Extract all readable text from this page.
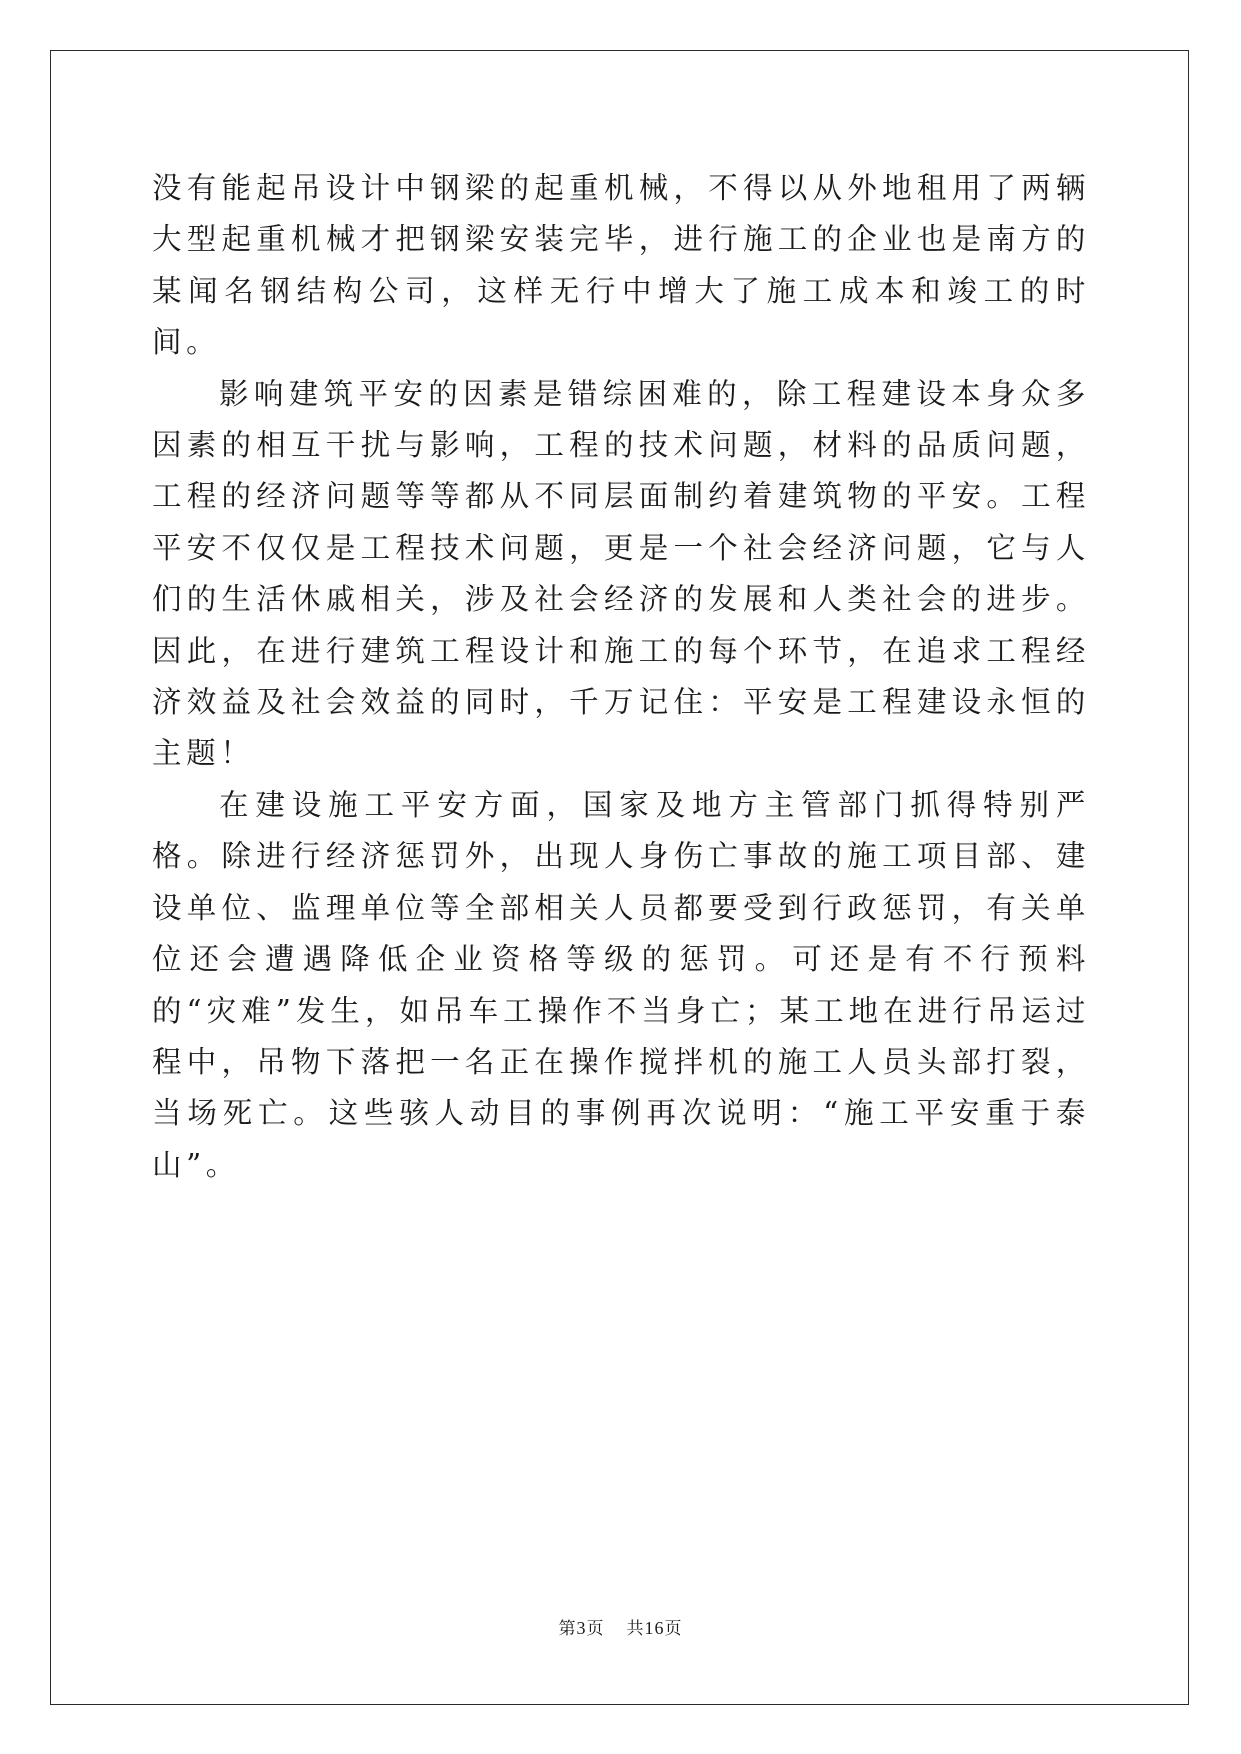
没有能起吊设计中钢梁的起重机械，不得以从外地租用了两辆大型起重机械才把钢梁安装完毕，进行施工的企业也是南方的某闻名钢结构公司，这样无行中增大了施工成本和竣工的时间。

影响建筑平安的因素是错综困难的，除工程建设本身众多因素的相互干扰与影响，工程的技术问题，材料的品质问题，工程的经济问题等等都从不同层面制约着建筑物的平安。工程平安不仅仅是工程技术问题，更是一个社会经济问题，它与人们的生活休戚相关，涉及社会经济的发展和人类社会的进步。因此，在进行建筑工程设计和施工的每个环节，在追求工程经济效益及社会效益的同时，千万记住：平安是工程建设永恒的主题！

在建设施工平安方面，国家及地方主管部门抓得特别严格。除进行经济惩罚外，出现人身伤亡事故的施工项目部、建设单位、监理单位等全部相关人员都要受到行政惩罚，有关单位还会遭遇降低企业资格等级的惩罚。可还是有不行预料的“灾难”发生，如吊车工操作不当身亡；某工地在进行吊运过程中，吊物下落把一名正在操作搅拌机的施工人员头部打裂，当场死亡。这些骇人动目的事例再次说明：“施工平安重于泰山”。

第3页 共16页
